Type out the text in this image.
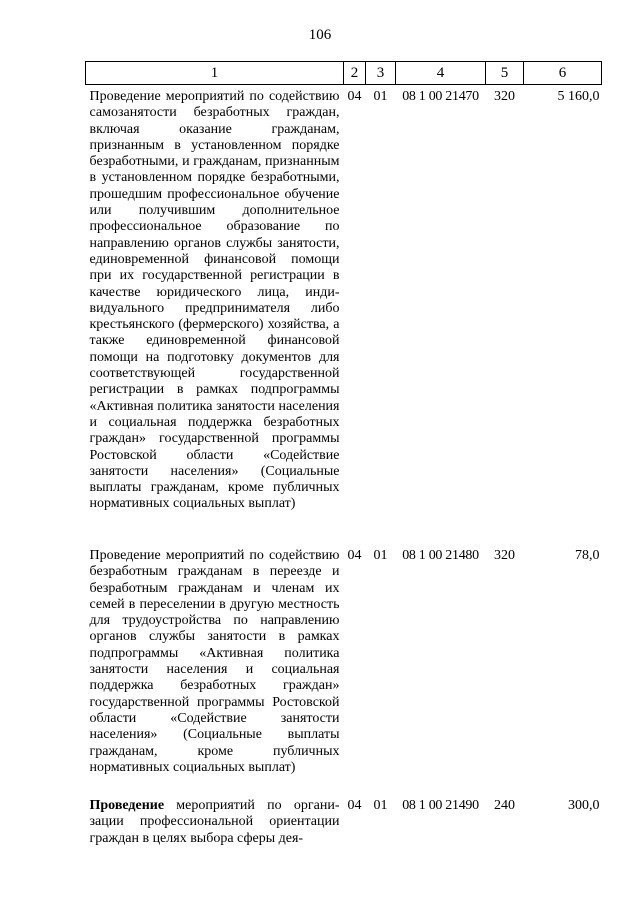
106
1	2	3	4	5	6
Проведение мероприятий по содействию самозанятости безработных граждан, включая оказание гражданам, признанным в установленном порядке безработными, и гражданам, признанным в установленном порядке безработными, прошедшим профессиональное обучение или получившим дополнительное профессиональное образование по направлению органов службы занятости, единовременной финансовой помощи при их государственной регистрации в качестве юридического лица, индивидуального предпринимателя либо крестьянского (фермерского) хозяйства, а также единовременной финансовой помощи на подготовку документов для соответствующей государственной регистрации в рамках подпрограммы «Активная политика занятости населения и социальная поддержка безработных граждан» государственной программы Ростовской области «Содействие занятости населения» (Социальные выплаты гражданам, кроме публичных нормативных социальных выплат)	04	01	08 1 00 21470	320	5 160,0
Проведение мероприятий по содействию безработным гражданам в переезде и безработным гражданам и членам их семей в переселении в другую местность для трудоустройства по направлению органов службы занятости в рамках подпрограммы «Активная политика занятости населения и социальная поддержка безработных граждан» государственной программы Ростовской области «Содействие занятости населения» (Социальные выплаты гражданам, кроме публичных нормативных социальных выплат)	04	01	08 1 00 21480	320	78,0
Проведение мероприятий по организации профессиональной ориентации граждан в целях выбора сферы дея-	04	01	08 1 00 21490	240	300,0
